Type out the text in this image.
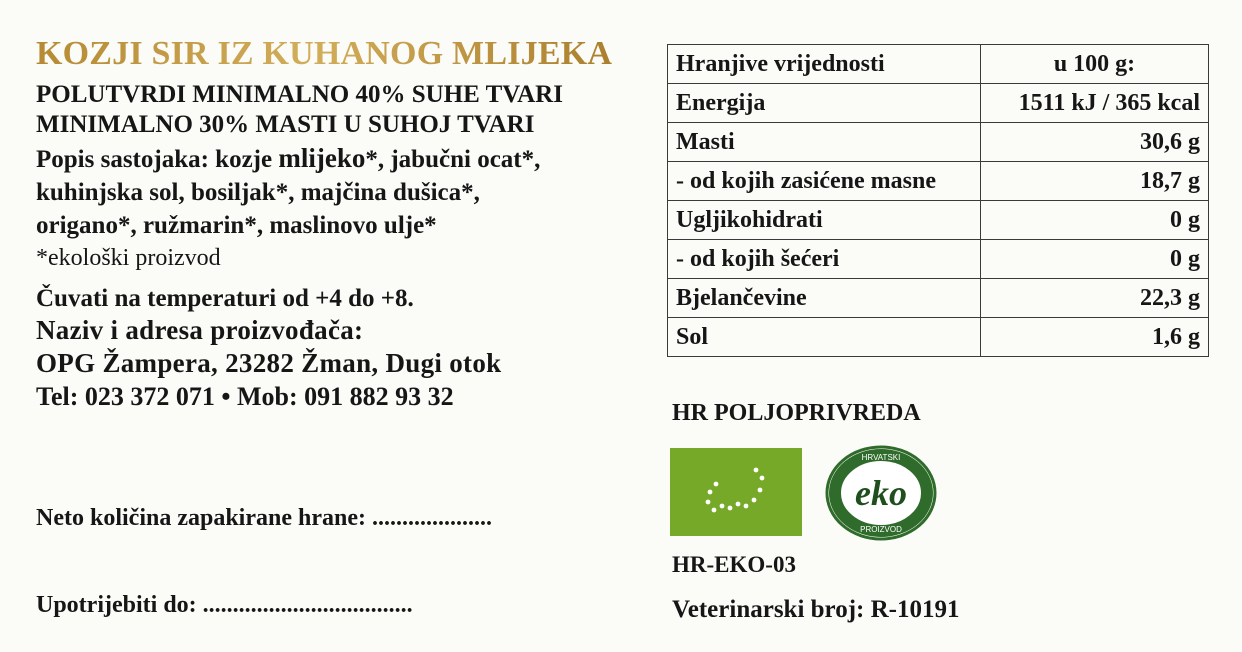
KOZJI SIR IZ KUHANOG MLIJEKA
POLUTVRDI MINIMALNO 40% SUHE TVARI
MINIMALNO 30% MASTI U SUHOJ TVARI
Popis sastojaka: kozje mlijeko*, jabučni ocat*,
kuhinjska sol, bosiljak*, majčina dušica*,
origano*, ružmarin*, maslinovo ulje*
*ekološki proizvod
Čuvati na temperaturi od +4 do +8.
Naziv i adresa proizvođača:
OPG Žampera, 23282 Žman, Dugi otok
Tel: 023 372 071 • Mob: 091 882 93 32
Neto količina zapakirane hrane: ....................
Upotrijebiti do: ...................................
Hranjive vrijednosti	u 100 g:
Energija	1511 kJ / 365 kcal
Masti	30,6 g
- od kojih zasićene masne	18,7 g
Ugljikohidrati	0 g
- od kojih šećeri	0 g
Bjelančevine	22,3 g
Sol	1,6 g
HR POLJOPRIVREDA
eko
HRVATSKI
PROIZVOD
HR-EKO-03
Veterinarski broj: R-10191
